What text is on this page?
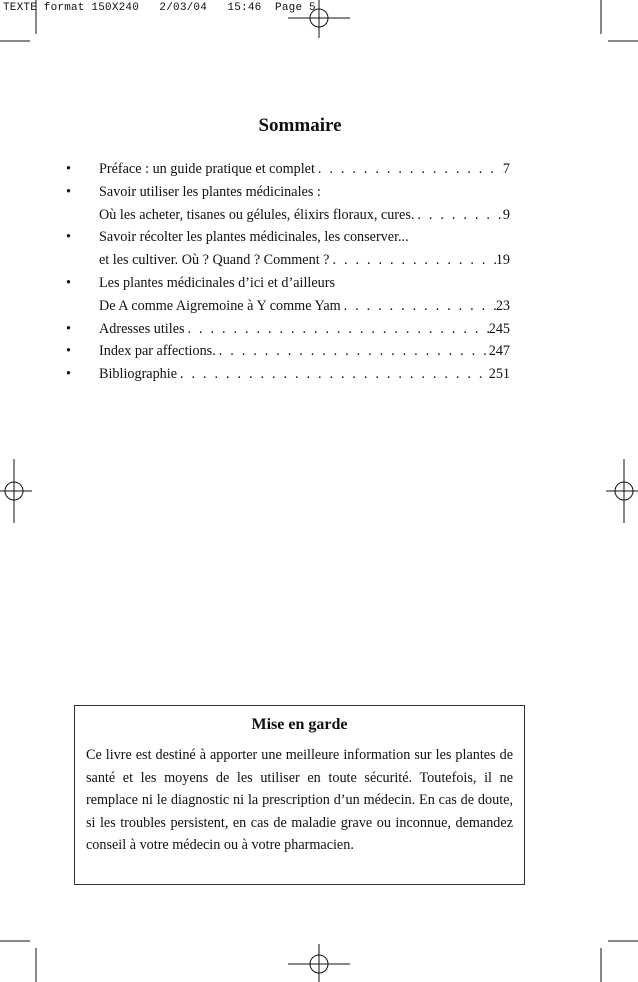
TEXTE format 150X240   2/03/04   15:46  Page 5
Sommaire
•	Préface : un guide pratique et complet . . .	7
•	Savoir utiliser les plantes médicinales :
Où les acheter, tisanes ou gélules, élixirs floraux, cures. . . .	9
•	Savoir récolter les plantes médicinales, les conserver...
et les cultiver. Où ? Quand ? Comment ? . . .	19
•	Les plantes médicinales d’ici et d’ailleurs
De A comme Aigremoine à Y comme Yam . . .	23
•	Adresses utiles . . .	245
•	Index par affections. . . .	247
•	Bibliographie . . .	251
Mise en garde

Ce livre est destiné à apporter une meilleure information sur les plantes de santé et les moyens de les utiliser en toute sécurité. Toutefois, il ne remplace ni le diagnostic ni la prescription d’un médecin. En cas de doute, si les troubles persistent, en cas de maladie grave ou inconnue, demandez conseil à votre médecin ou à votre pharmacien.
